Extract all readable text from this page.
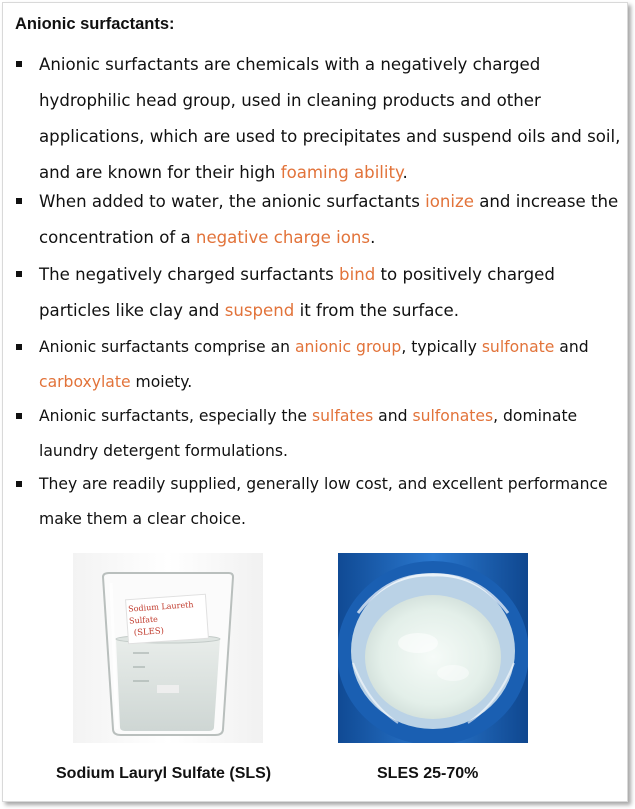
Anionic surfactants:

Anionic surfactants are chemicals with a negatively charged hydrophilic head group, used in cleaning products and other applications, which are used to precipitates and suspend oils and soil, and are known for their high foaming ability.

When added to water, the anionic surfactants ionize and increase the concentration of a negative charge ions.

The negatively charged surfactants bind to positively charged particles like clay and suspend it from the surface.

Anionic surfactants comprise an anionic group, typically sulfonate and carboxylate moiety.

Anionic surfactants, especially the sulfates and sulfonates, dominate laundry detergent formulations.

They are readily supplied, generally low cost, and excellent performance make them a clear choice.

Sodium Laureth
Sulfate
(SLES)
Sodium Lauryl Sulfate (SLS)	SLES 25-70%
